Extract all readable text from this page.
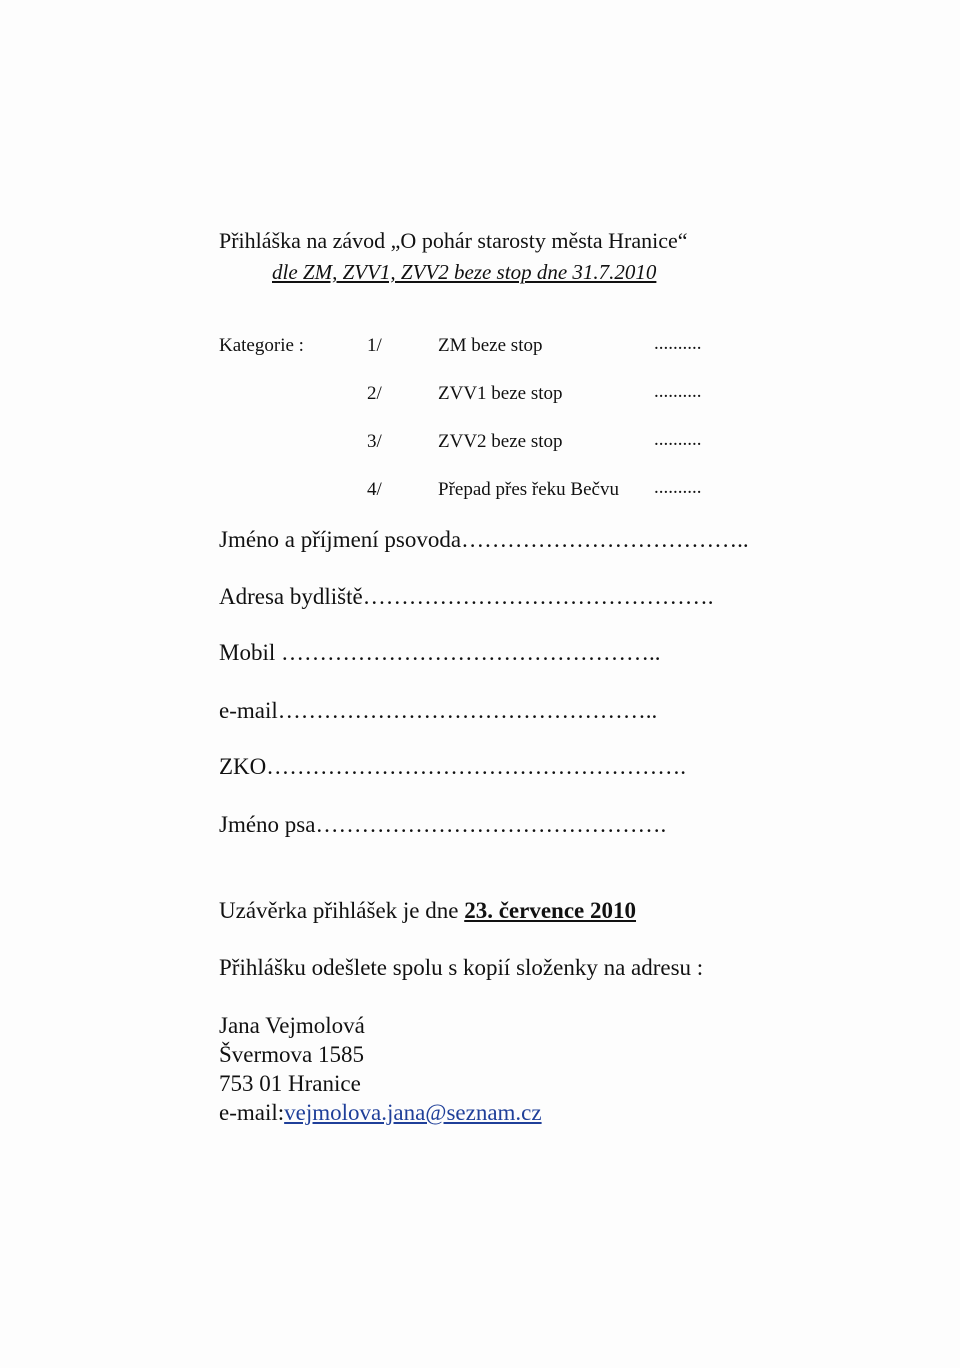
Přihláška na závod „O pohár starosty města Hranice“
dle ZM, ZVV1, ZVV2 beze stop dne 31.7.2010
Kategorie :	1/	ZM beze stop	..........
2/	ZVV1 beze stop	..........
3/	ZVV2 beze stop	..........
4/	Přepad přes řeku Bečvu ..........
Jméno a příjmení psovoda………………………………..
Adresa bydliště……………………………………….
Mobil …………………………………………..
e-mail…………………………………………..
ZKO……………………………………………….
Jméno psa……………………………………….
Uzávěrka přihlášek je dne 23. července 2010
Přihlášku odešlete spolu s kopií složenky na adresu :
Jana Vejmolová
Švermova 1585
753 01 Hranice
e-mail:vejmolova.jana@seznam.cz
